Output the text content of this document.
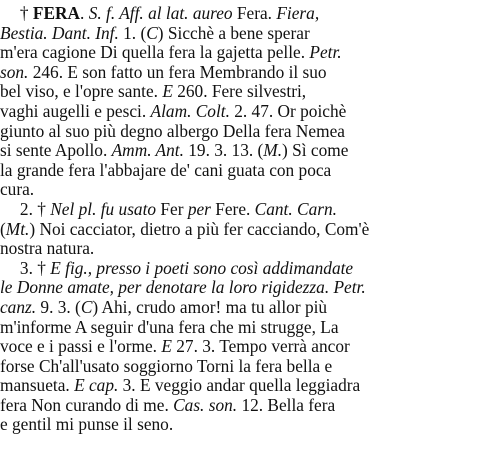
† FERA. S. f. Aff. al lat. aureo Fera. Fiera,
Bestia. Dant. Inf. 1. (C) Sicchè a bene sperar
m'era cagione Di quella fera la gajetta pelle. Petr.
son. 246. E son fatto un fera Membrando il suo
bel viso, e l'opre sante. E 260. Fere silvestri,
vaghi augelli e pesci. Alam. Colt. 2. 47. Or poichè
giunto al suo più degno albergo Della fera Nemea
si sente Apollo. Amm. Ant. 19. 3. 13. (M.) Sì come
la grande fera l'abbajare de' cani guata con poca
cura.
2. † Nel pl. fu usato Fer per Fere. Cant. Carn.
(Mt.) Noi cacciator, dietro a più fer cacciando, Com'è
nostra natura.
3. † E fig., presso i poeti sono così addimandate
le Donne amate, per denotare la loro rigidezza. Petr.
canz. 9. 3. (C) Ahi, crudo amor! ma tu allor più
m'informe A seguir d'una fera che mi strugge, La
voce e i passi e l'orme. E 27. 3. Tempo verrà ancor
forse Ch'all'usato soggiorno Torni la fera bella e
mansueta. E cap. 3. E veggio andar quella leggiadra
fera Non curando di me. Cas. son. 12. Bella fera
e gentil mi punse il seno.
